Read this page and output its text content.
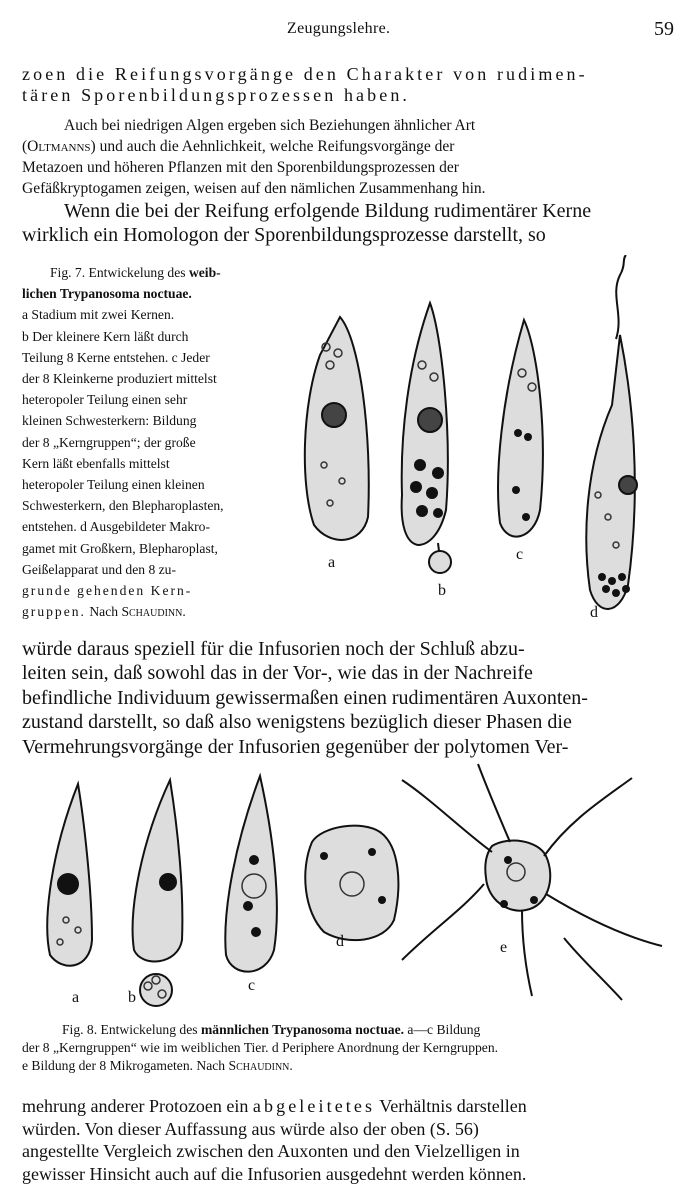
Zeugungslehre.	59
zoen die Reifungsvorgänge den Charakter von rudimen-
tären Sporenbildungsprozessen haben.
Auch bei niedrigen Algen ergeben sich Beziehungen ähnlicher Art
(Oltmanns) und auch die Aehnlichkeit, welche Reifungsvorgänge der
Metazoen und höheren Pflanzen mit den Sporenbildungsprozessen der
Gefäßkryptogamen zeigen, weisen auf den nämlichen Zusammenhang hin.
Wenn die bei der Reifung erfolgende Bildung rudimentärer Kerne
wirklich ein Homologon der Sporenbildungsprozesse darstellt, so
Fig. 7. Entwickelung des weib-
lichen Trypanosoma noctuae.
a Stadium mit zwei Kernen.
b Der kleinere Kern läßt durch
Teilung 8 Kerne entstehen. c Jeder
der 8 Kleinkerne produziert mittelst
heteropoler Teilung einen sehr
kleinen Schwesterkern: Bildung
der 8 „Kerngruppen“; der große
Kern läßt ebenfalls mittelst
heteropoler Teilung einen kleinen
Schwesterkern, den Blepharoplasten,
entstehen. d Ausgebildeter Makro-
gamet mit Großkern, Blepharoplast,
Geißelapparat und den 8 zu-
grunde gehenden Kern-
gruppen. Nach Schaudinn.
a
b
c
d
würde daraus speziell für die Infusorien noch der Schluß abzu-
leiten sein, daß sowohl das in der Vor-, wie das in der Nachreife
befindliche Individuum gewissermaßen einen rudimentären Auxonten-
zustand darstellt, so daß also wenigstens bezüglich dieser Phasen die
Vermehrungsvorgänge der Infusorien gegenüber der polytomen Ver-
a	b
c
d	e
Fig. 8. Entwickelung des männlichen Trypanosoma noctuae. a—c Bildung
der 8 „Kerngruppen“ wie im weiblichen Tier. d Periphere Anordnung der Kerngruppen.
e Bildung der 8 Mikrogameten. Nach Schaudinn.
mehrung anderer Protozoen ein abgeleitetes Verhältnis darstellen
würden. Von dieser Auffassung aus würde also der oben (S. 56)
angestellte Vergleich zwischen den Auxonten und den Vielzelligen in
gewisser Hinsicht auch auf die Infusorien ausgedehnt werden können.
